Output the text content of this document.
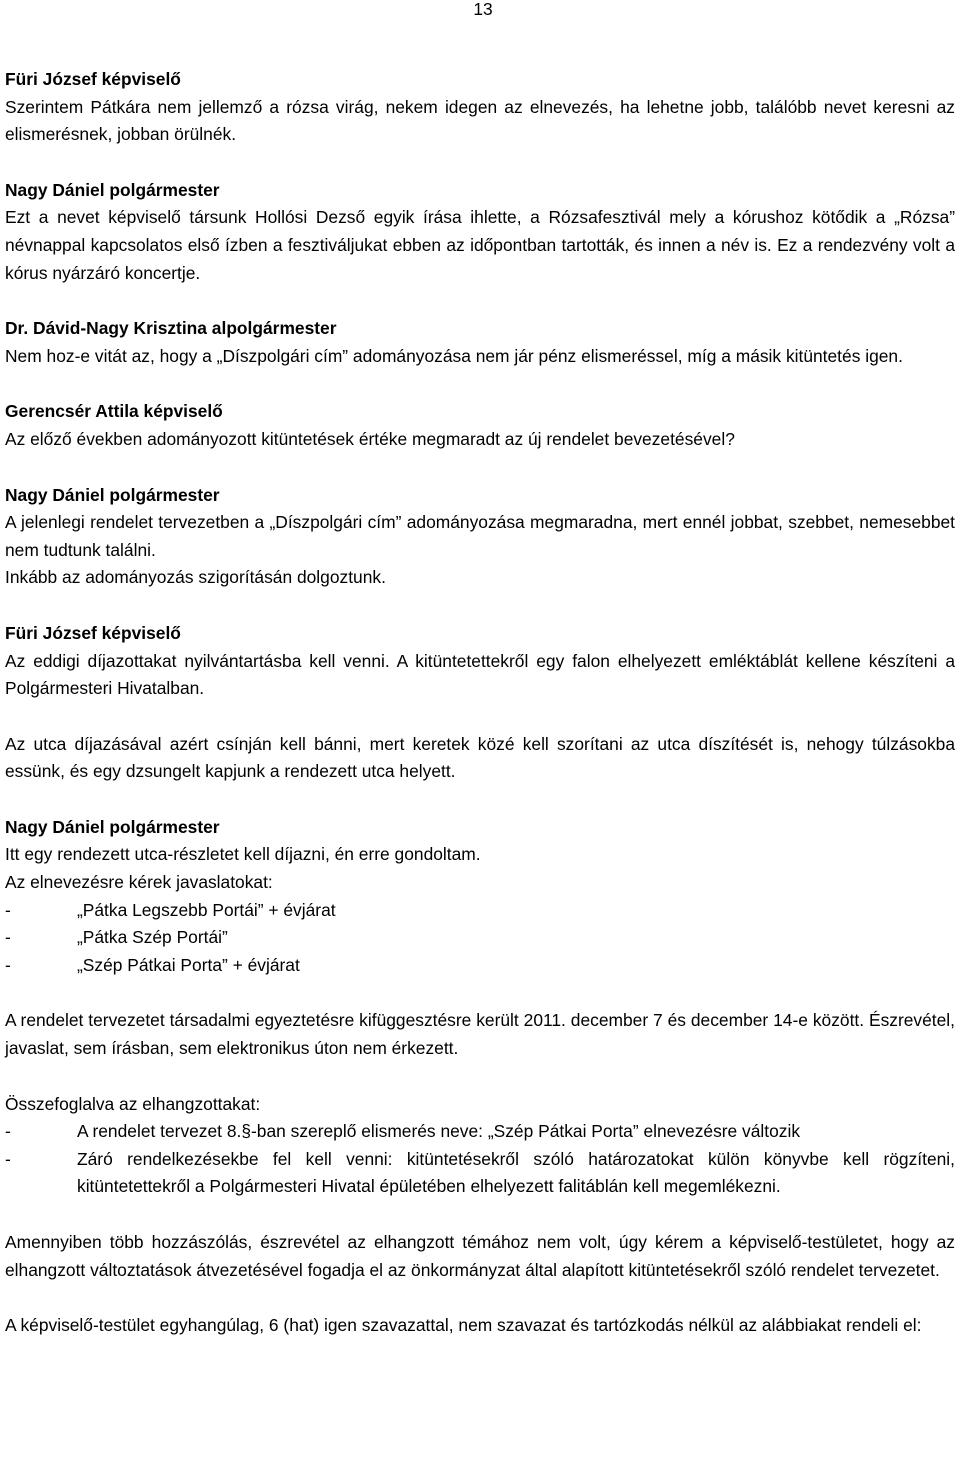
13
Füri József képviselő

Szerintem Pátkára nem jellemző a rózsa virág, nekem idegen az elnevezés, ha lehetne jobb, találóbb nevet keresni az elismerésnek, jobban örülnék.

Nagy Dániel polgármester

Ezt a nevet képviselő társunk Hollósi Dezső egyik írása ihlette, a Rózsafesztivál mely a kórushoz kötődik a „Rózsa” névnappal kapcsolatos első ízben a fesztiváljukat ebben az időpontban tartották, és innen a név is. Ez a rendezvény volt a kórus nyárzáró koncertje.

Dr. Dávid-Nagy Krisztina alpolgármester

Nem hoz-e vitát az, hogy a „Díszpolgári cím” adományozása nem jár pénz elismeréssel, míg a másik kitüntetés igen.

Gerencsér Attila képviselő

Az előző években adományozott kitüntetések értéke megmaradt az új rendelet bevezetésével?

Nagy Dániel polgármester

A jelenlegi rendelet tervezetben a „Díszpolgári cím” adományozása megmaradna, mert ennél jobbat, szebbet, nemesebbet nem tudtunk találni.

Inkább az adományozás szigorításán dolgoztunk.

Füri József képviselő

Az eddigi díjazottakat nyilvántartásba kell venni. A kitüntetettekről egy falon elhelyezett emléktáblát kellene készíteni a Polgármesteri Hivatalban.

Az utca díjazásával azért csínján kell bánni, mert keretek közé kell szorítani az utca díszítését is, nehogy túlzásokba essünk, és egy dzsungelt kapjunk a rendezett utca helyett.

Nagy Dániel polgármester
Itt egy rendezett utca-részletet kell díjazni, én erre gondoltam.
Az elnevezésre kérek javaslatokat:
-	„Pátka Legszebb Portái” + évjárat
-	„Pátka Szép Portái”
-	„Szép Pátkai Porta” + évjárat

A rendelet tervezetet társadalmi egyeztetésre kifüggesztésre került 2011. december 7 és december 14-e között. Észrevétel, javaslat, sem írásban, sem elektronikus úton nem érkezett.

Összefoglalva az elhangzottakat:
-	A rendelet tervezet 8.§-ban szereplő elismerés neve: „Szép Pátkai Porta” elnevezésre változik
-	Záró rendelkezésekbe fel kell venni: kitüntetésekről szóló határozatokat külön könyvbe kell rögzíteni, kitüntetettekről a Polgármesteri Hivatal épületében elhelyezett falitáblán kell megemlékezni.

Amennyiben több hozzászólás, észrevétel az elhangzott témához nem volt, úgy kérem a képviselő-testületet, hogy az elhangzott változtatások átvezetésével fogadja el az önkormányzat által alapított kitüntetésekről szóló rendelet tervezetet.

A képviselő-testület egyhangúlag, 6 (hat) igen szavazattal, nem szavazat és tartózkodás nélkül az alábbiakat rendeli el:
